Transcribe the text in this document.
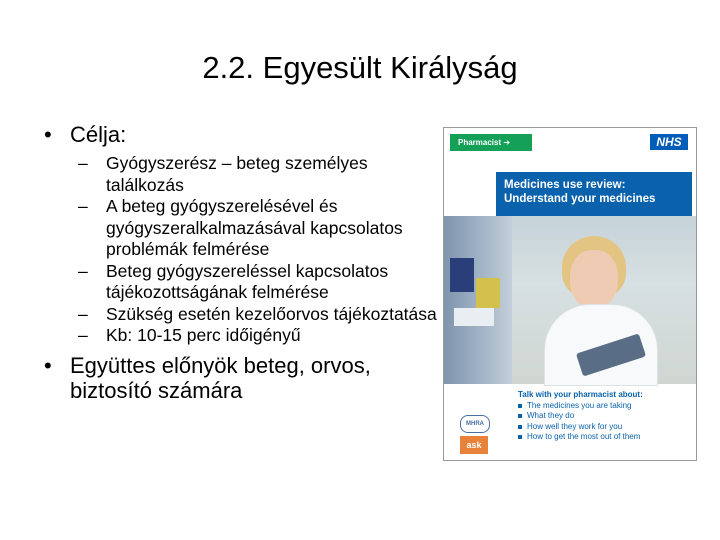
2.2. Egyesült Királyság
• Célja:
– Gyógyszerész – beteg személyes találkozás
– A beteg gyógyszerelésével és gyógyszeralkalmazásával kapcsolatos problémák felmérése
– Beteg gyógyszereléssel kapcsolatos tájékozottságának felmérése
– Szükség esetén kezelőorvos tájékoztatása
– Kb: 10-15 perc időigényű
• Együttes előnyök beteg, orvos, biztosító számára
Pharmacist ➔	NHS
Medicines use review:
Understand your medicines
Talk with your pharmacist about:
The medicines you are taking
What they do
How well they work for you
How to get the most out of them
MHRA
ask
